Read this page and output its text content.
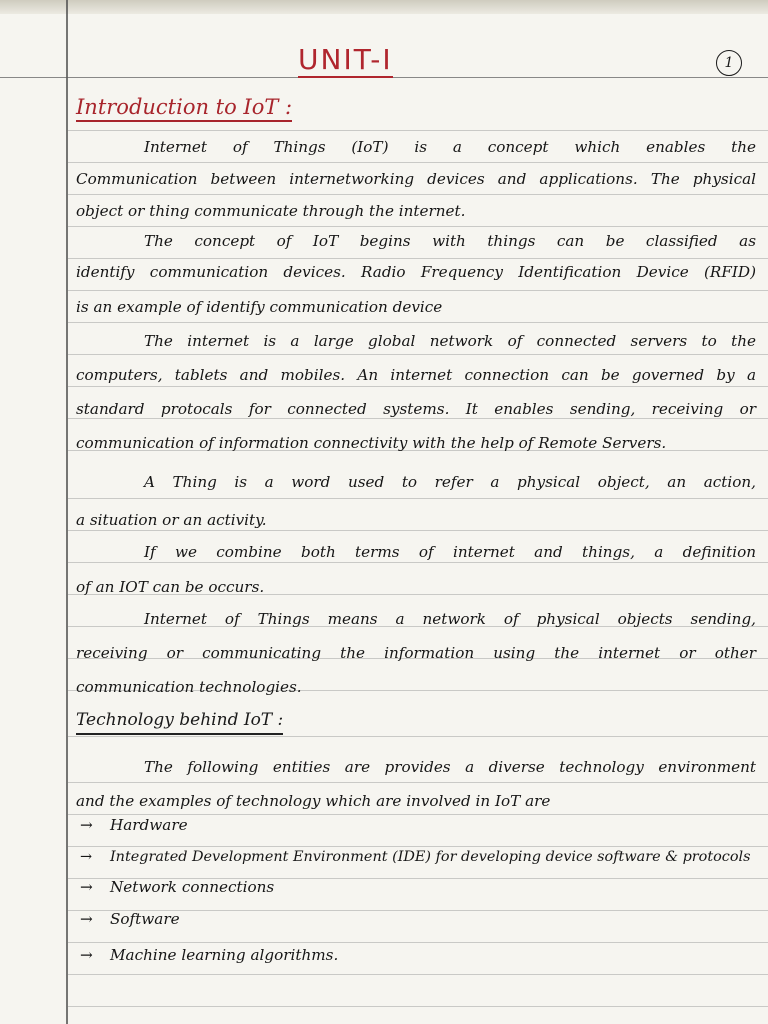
UNIT-I	1
Introduction to IoT :
Internet of Things (IoT) is a concept which enables the
Communication between internetworking devices and applications. The physical
object or thing communicate through the internet.
The concept of IoT begins with things can be classified as
identify communication devices. Radio Frequency Identification Device (RFID)
is an example of identify communication device
The internet is a large global network of connected servers to the
computers, tablets and mobiles. An internet connection can be governed by a
standard protocals for connected systems. It enables sending, receiving or
communication of information connectivity with the help of Remote Servers.
A Thing is a word used to refer a physical object, an action,
a situation or an activity.
If we combine both terms of internet and things, a definition
of an IOT can be occurs.
Internet of Things means a network of physical objects sending,
receiving or communicating the information using the internet or other
communication technologies.
Technology behind IoT :
The following entities are provides a diverse technology environment
and the examples of technology which are involved in IoT are
→ Hardware
→ Integrated Development Environment (IDE) for developing device software & protocols
→ Network connections
→ Software
→ Machine learning algorithms.
